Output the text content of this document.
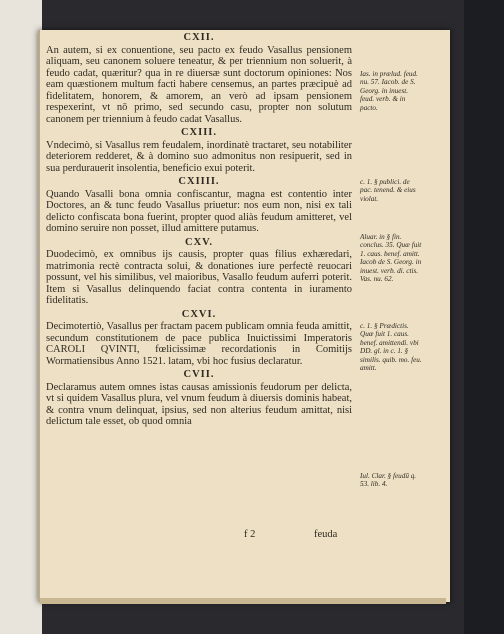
CXII.

An autem, si ex conuentione, seu pacto ex feudo Vasallus pensionem aliquam, seu canonem soluere teneatur, & per triennium non soluerit, à feudo cadat, quæritur? qua in re diuersæ sunt doctorum opiniones: Nos eam quæstionem multum facti habere censemus, an partes præcipuè ad fidelitatem, honorem, & amorem, an verò ad ipsam pensionem respexerint, vt nō primo, sed secundo casu, propter non solutum canonem per triennium à feudo cadat Vasallus.

CXIII.

Vndecimò, si Vasallus rem feudalem, inordinatè tractaret, seu notabiliter deteriorem redderet, & à domino suo admonitus non resipuerit, sed in sua perdurauerit insolentia, beneficio exui poterit.

CXIIII.

Quando Vasalli bona omnia confiscantur, magna est contentio inter Doctores, an & tunc feudo Vasallus priuetur: nos eum non, nisi ex tali delicto confiscata bona fuerint, propter quod aliàs feudum amitteret, vel domino seruire non posset, illud amittere putamus.

CXV.

Duodecimò, ex omnibus ijs causis, propter quas filius exhæredari, matrimonia rectè contracta solui, & donationes iure perfectè reuocari possunt, vel his similibus, vel maioribus, Vasallo feudum auferri poterit. Item si Vasallus delinquendo faciat contra contenta in iuramento fidelitatis.

CXVI.

Decimotertiò, Vasallus per fractam pacem publicam omnia feuda amittit, secundum constitutionem de pace publica Inuictissimi Imperatoris CAROLI QVINTI, fœlicissimæ recordationis in Comitijs Wormatiensibus Anno 1521. latam, vbi hoc fusius declaratur.

CVII.

Declaramus autem omnes istas causas amissionis feudorum per delicta, vt si quidem Vasallus plura, vel vnum feudum à diuersis dominis habeat, & contra vnum delinquat, ipsius, sed non alterius feudum amittat, nisi delictum tale esset, ob quod omnia

Ias. in prælud. feud. nu. 57. Iacob. de S. Georg. in inuest. feud. verb. & in pacto.
c. 1. § publici. de pac. tenend. & eius violat.
Aluar. in § fin. conclus. 35. Quæ fuit 1. caus. benef. amitt. Iacob de S. Georg. in inuest. verb. di. ctis. Vas. nu. 62.
c. 1. § Prædictis. Quæ fuit 1. caus. benef. amittendi. vbi DD. gl. in c. 1. § similis. quib. mo. feu. amitt.
Iul. Clar. § feudū q. 53. lib. 4.
f 2	feuda
